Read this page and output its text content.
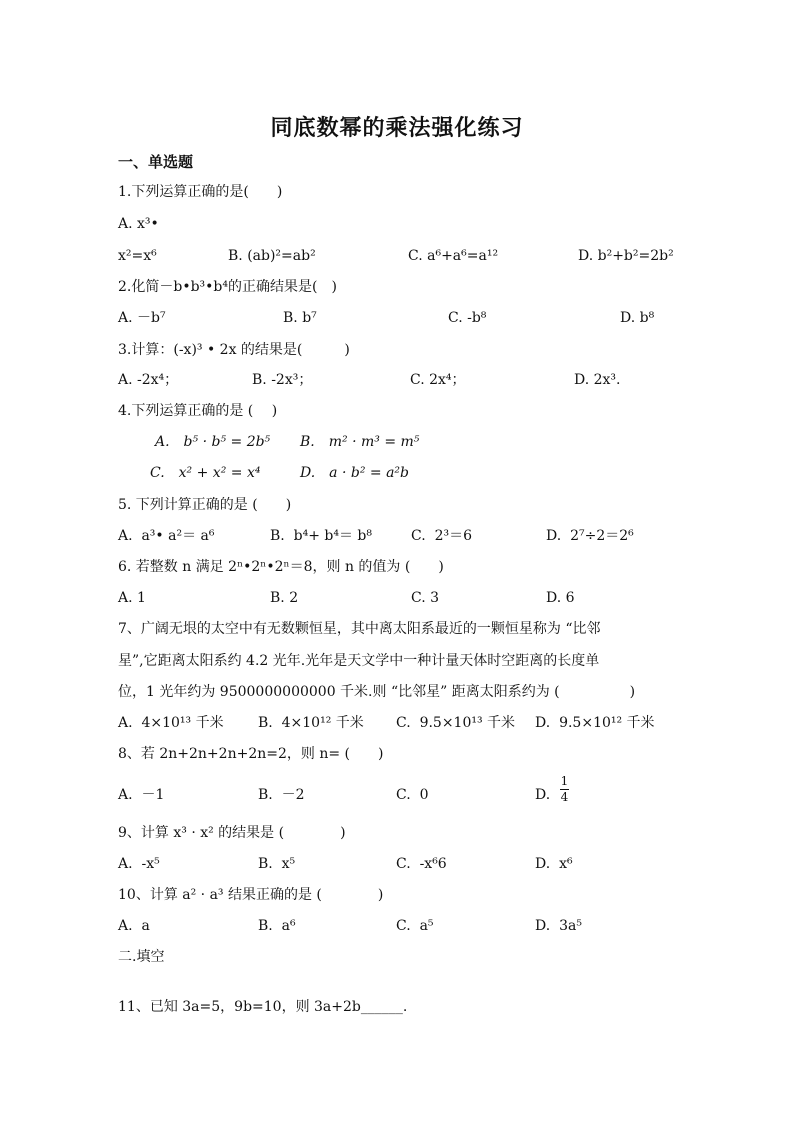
同底数幂的乘法强化练习
一、单选题
1.下列运算正确的是(　　)
A. x³•
x²=x⁶	B. (ab)²=ab²	C. a⁶+a⁶=a¹²	D. b²+b²=2b²
2.化简－b•b³•b⁴的正确结果是(　)
A. －b⁷	B. b⁷	C. -b⁸	D. b⁸
3.计算：(-x)³ • 2x 的结果是(　　　)
A. -2x⁴；	B. -2x³；	C. 2x⁴；	D. 2x³.
4.下列运算正确的是 (　 )
A.　b⁵ · b⁵ = 2b⁵ B.　m² · m³ = m⁵
C.　x² + x² = x⁴	D.　a · b² = a²b
5. 下列计算正确的是 (　　)
A.  a³• a²＝ a⁶	B.  b⁴+ b⁴＝ b⁸	C.  2³＝6	D.  2⁷÷2＝2⁶
6. 若整数 n 满足 2ⁿ•2ⁿ•2ⁿ＝8，则 n 的值为 (　　)
A. 1	B. 2	C. 3	D. 6
7、广阔无垠的太空中有无数颗恒星，其中离太阳系最近的一颗恒星称为 “比邻
星”,它距离太阳系约 4.2 光年.光年是天文学中一种计量天体时空距离的长度单
位，1 光年约为 9500000000000 千米.则 “比邻星” 距离太阳系约为 (　　　　　)
A.  4×10¹³ 千米 B.  4×10¹² 千米 C.  9.5×10¹³ 千米 D.  9.5×10¹² 千米
8、若 2n+2n+2n+2n=2，则 n= (　　)
A.  －1	B.  －2	C.  0	D.
1
4
9、计算 x³ · x² 的结果是 (　　　　)
A.  -x⁵	B.  x⁵	C.  -x⁶6	D.  x⁶
10、计算 a² · a³ 结果正确的是 (　　　　)
A.  a	B.  a⁶	C.  a⁵	D.  3a⁵
二.填空
11、已知 3a=5，9b=10，则 3a+2b______.
